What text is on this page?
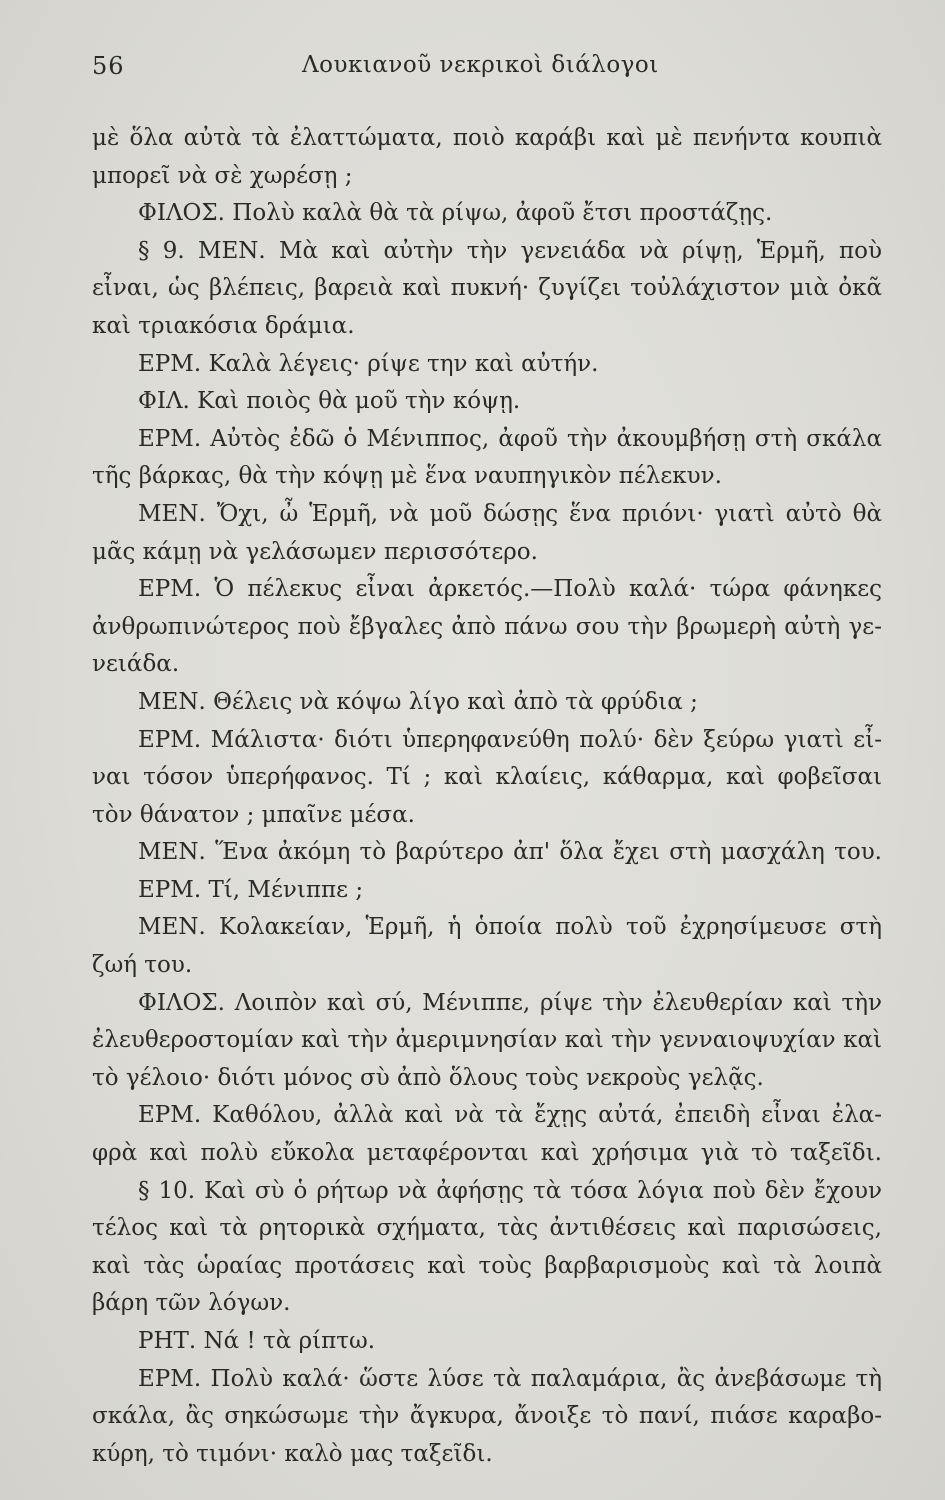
56	Λουκιανοῦ νεκρικοὶ διάλογοι
μὲ ὅλα αὐτὰ τὰ ἐλαττώματα, ποιὸ καράβι καὶ μὲ πενήντα κουπιὰ
μπορεῖ νὰ σὲ χωρέσῃ ;
ΦΙΛΟΣ. Πολὺ καλὰ θὰ τὰ ρίψω, ἀφοῦ ἔτσι προστάζῃς.
§ 9. ΜΕΝ. Μὰ καὶ αὐτὴν τὴν γενειάδα νὰ ρίψῃ, Ἑρμῆ, ποὺ
εἶναι, ὡς βλέπεις, βαρειὰ καὶ πυκνή· ζυγίζει τοὐλάχιστον μιὰ ὀκᾶ
καὶ τριακόσια δράμια.
ΕΡΜ. Καλὰ λέγεις· ρίψε την καὶ αὐτήν.
ΦΙΛ. Καὶ ποιὸς θὰ μοῦ τὴν κόψῃ.
ΕΡΜ. Αὐτὸς ἐδῶ ὁ Μένιππος, ἀφοῦ τὴν ἀκουμβήσῃ στὴ σκάλα
τῆς βάρκας, θὰ τὴν κόψῃ μὲ ἕνα ναυπηγικὸν πέλεκυν.
ΜΕΝ. Ὄχι, ὦ Ἑρμῆ, νὰ μοῦ δώσῃς ἕνα πριόνι· γιατὶ αὐτὸ θὰ
μᾶς κάμῃ νὰ γελάσωμεν περισσότερο.
ΕΡΜ. Ὁ πέλεκυς εἶναι ἀρκετός.—Πολὺ καλά· τώρα φάνηκες
ἀνθρωπινώτερος ποὺ ἔβγαλες ἀπὸ πάνω σου τὴν βρωμερὴ αὐτὴ γε-
νειάδα.
ΜΕΝ. Θέλεις νὰ κόψω λίγο καὶ ἀπὸ τὰ φρύδια ;
ΕΡΜ. Μάλιστα· διότι ὑπερηφανεύθη πολύ· δὲν ξεύρω γιατὶ εἶ-
ναι τόσον ὑπερήφανος. Τί ; καὶ κλαίεις, κάθαρμα, καὶ φοβεῖσαι
τὸν θάνατον ; μπαῖνε μέσα.
ΜΕΝ. Ἕνα ἀκόμη τὸ βαρύτερο ἀπ' ὅλα ἔχει στὴ μασχάλη του.
ΕΡΜ. Τί, Μένιππε ;
ΜΕΝ. Κολακείαν, Ἑρμῆ, ἡ ὁποία πολὺ τοῦ ἐχρησίμευσε στὴ
ζωή του.
ΦΙΛΟΣ. Λοιπὸν καὶ σύ, Μένιππε, ρίψε τὴν ἐλευθερίαν καὶ τὴν
ἐλευθεροστομίαν καὶ τὴν ἀμεριμνησίαν καὶ τὴν γενναιοψυχίαν καὶ
τὸ γέλοιο· διότι μόνος σὺ ἀπὸ ὅλους τοὺς νεκροὺς γελᾷς.
ΕΡΜ. Καθόλου, ἀλλὰ καὶ νὰ τὰ ἔχῃς αὐτά, ἐπειδὴ εἶναι ἐλα-
φρὰ καὶ πολὺ εὔκολα μεταφέρονται καὶ χρήσιμα γιὰ τὸ ταξεῖδι.
§ 10. Καὶ σὺ ὁ ρήτωρ νὰ ἀφήσῃς τὰ τόσα λόγια ποὺ δὲν ἔχουν
τέλος καὶ τὰ ρητορικὰ σχήματα, τὰς ἀντιθέσεις καὶ παρισώσεις,
καὶ τὰς ὡραίας προτάσεις καὶ τοὺς βαρβαρισμοὺς καὶ τὰ λοιπὰ
βάρη τῶν λόγων.
ΡΗΤ. Νά ! τὰ ρίπτω.
ΕΡΜ. Πολὺ καλά· ὥστε λύσε τὰ παλαμάρια, ἂς ἀνεβάσωμε τὴ
σκάλα, ἂς σηκώσωμε τὴν ἄγκυρα, ἄνοιξε τὸ πανί, πιάσε καραβο-
κύρη, τὸ τιμόνι· καλὸ μας ταξεῖδι.
